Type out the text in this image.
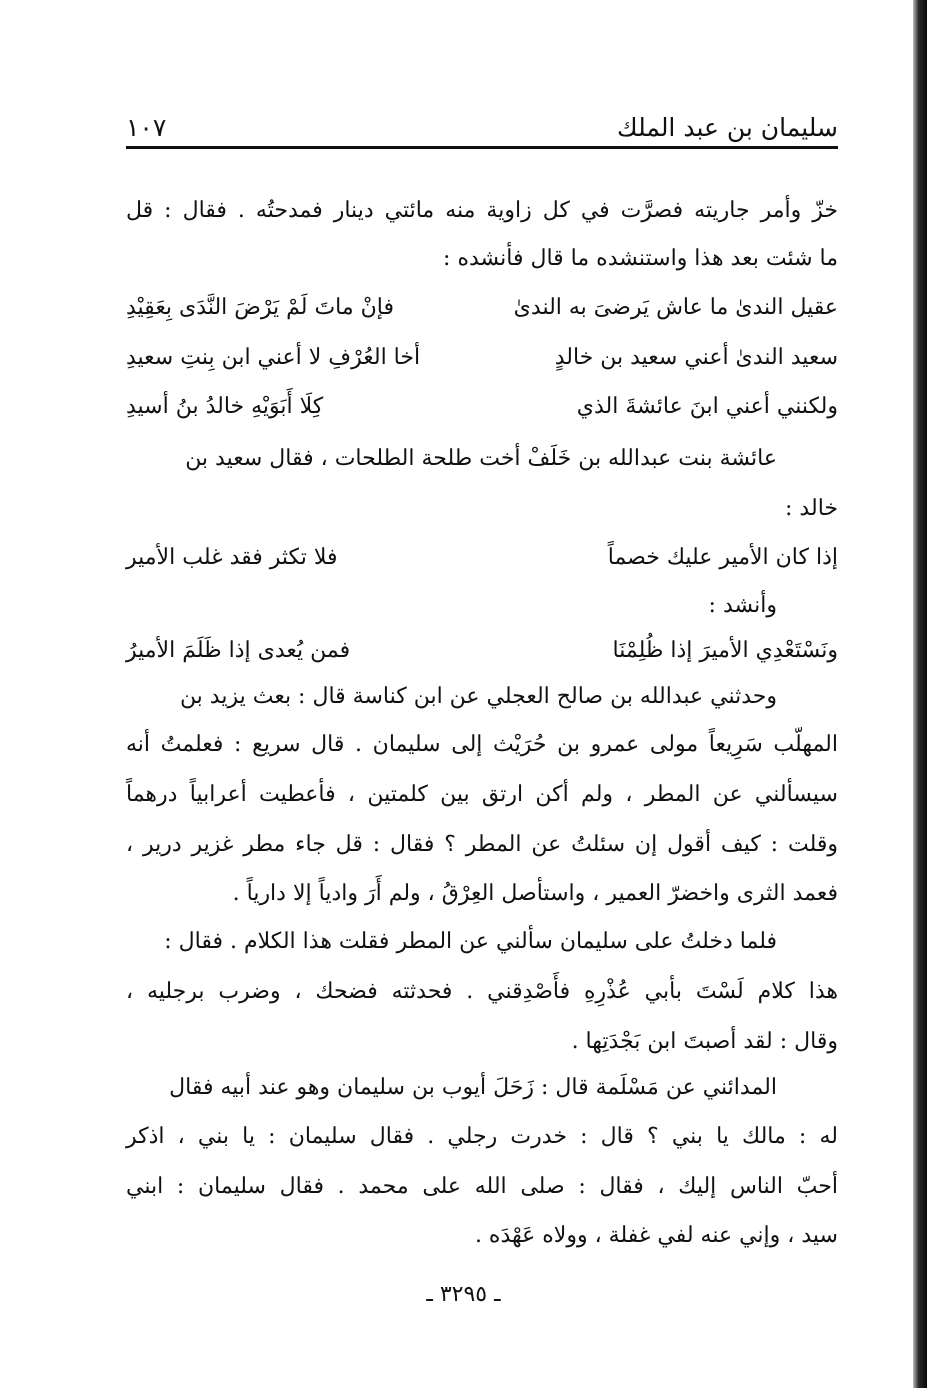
١٠٧	سليمان بن عبد الملك
خزّ وأمر جاريته فصرَّت في كل زاوية منه مائتي دينار فمدحتُه . فقال : قل
ما شئت بعد هذا واستنشده ما قال فأنشده :
عقيل الندىٰ ما عاش يَرضىَ به الندىٰ
فإنْ ماتَ لَمْ يَرْضَ النَّدَى بِعَقِيْدِ
سعيد الندىٰ أعني سعيد بن خالدٍ
أخا العُرْفِ لا أعني ابن بِنتِ سعيدِ
ولكنني أعني ابنَ عائشةَ الذي
كِلَا أَبَوَيْهِ خالدُ بنُ أسيدِ
عائشة بنت عبدالله بن خَلَفْ أخت طلحة الطلحات ، فقال سعيد بن
خالد :
إذا كان الأمير عليك خصماً
فلا تكثر فقد غلب الأمير
وأنشد :
ونَسْتَعْدِي الأميرَ إذا ظُلِمْنَا
فمن يُعدى إذا ظَلَمَ الأميرُ
وحدثني عبدالله بن صالح العجلي عن ابن كناسة قال : بعث يزيد بن
المهلّب سَرِيعاً مولى عمرو بن حُرَيْث إلى سليمان . قال سريع : فعلمتُ أنه
سيسألني عن المطر ، ولم أكن ارتق بين كلمتين ، فأعطيت أعرابياً درهماً
وقلت : كيف أقول إن سئلتُ عن المطر ؟ فقال : قل جاء مطر غزير درير ،
فعمد الثرى واخضرّ العمير ، واستأصل العِرْقُ ، ولم أَرَ وادياً إلا دارياً .
فلما دخلتُ على سليمان سألني عن المطر فقلت هذا الكلام . فقال :
هذا كلام لَسْتَ بأبي عُذْرِهِ فأَصْدِقني . فحدثته فضحك ، وضرب برجليه ،
وقال : لقد أصبتَ ابن بَجْدَتِها .
المدائني عن مَسْلَمة قال : زَحَلَ أيوب بن سليمان وهو عند أبيه فقال
له : مالك يا بني ؟ قال : خدرت رجلي . فقال سليمان : يا بني ، اذكر
أحبّ الناس إليك ، فقال : صلى الله على محمد . فقال سليمان : ابني
سيد ، وإني عنه لفي غفلة ، وولاه عَهْدَه .
ـ ٣٢٩٥ ـ
